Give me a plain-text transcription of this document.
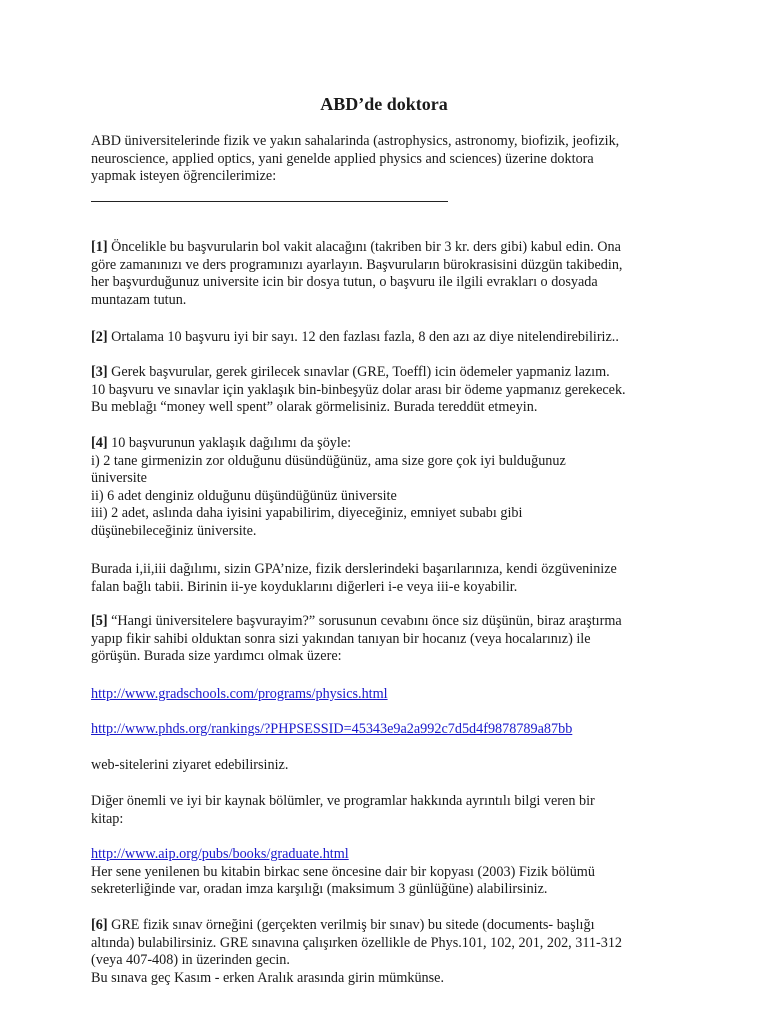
ABD’de doktora
ABD üniversitelerinde fizik ve yakın sahalarinda (astrophysics, astronomy, biofizik, jeofizik,
neuroscience, applied optics, yani genelde applied physics and sciences) üzerine doktora
yapmak isteyen öğrencilerimize:
[1] Öncelikle bu başvurularin bol vakit alacağını (takriben bir 3 kr. ders gibi) kabul edin. Ona
göre zamanınızı ve ders programınızı ayarlayın. Başvuruların bürokrasisini düzgün takibedin,
her başvurduğunuz universite icin bir dosya tutun, o başvuru ile ilgili evrakları o dosyada
muntazam tutun.
[2] Ortalama 10 başvuru iyi bir sayı. 12 den fazlası fazla, 8 den azı az diye nitelendirebiliriz..
[3] Gerek başvurular, gerek girilecek sınavlar (GRE, Toeffl) icin ödemeler yapmaniz lazım.
10 başvuru ve sınavlar için yaklaşık bin-binbeşyüz dolar arası bir ödeme yapmanız gerekecek.
Bu meblağı “money well spent” olarak görmelisiniz. Burada tereddüt etmeyin.
[4] 10 başvurunun yaklaşık dağılımı da şöyle:
i) 2 tane girmenizin zor olduğunu düsündüğünüz, ama size gore çok iyi bulduğunuz
üniversite
ii) 6 adet denginiz olduğunu düşündüğünüz üniversite
iii) 2 adet, aslında daha iyisini yapabilirim, diyeceğiniz, emniyet subabı gibi
düşünebileceğiniz üniversite.
Burada i,ii,iii dağılımı, sizin GPA’nize, fizik derslerindeki başarılarınıza, kendi özgüveninize
falan bağlı tabii. Birinin ii-ye koyduklarını diğerleri i-e veya iii-e koyabilir.
[5] “Hangi üniversitelere başvurayim?” sorusunun cevabını önce siz düşünün, biraz araştırma
yapıp fikir sahibi olduktan sonra sizi yakından tanıyan bir hocanız (veya hocalarınız) ile
görüşün. Burada size yardımcı olmak üzere:
http://www.gradschools.com/programs/physics.html
http://www.phds.org/rankings/?PHPSESSID=45343e9a2a992c7d5d4f9878789a87bb
web-sitelerini ziyaret edebilirsiniz.
Diğer önemli ve iyi bir kaynak bölümler, ve programlar hakkında ayrıntılı bilgi veren bir
kitap:
http://www.aip.org/pubs/books/graduate.html
Her sene yenilenen bu kitabin birkac sene öncesine dair bir kopyası (2003) Fizik bölümü
sekreterliğinde var, oradan imza karşılığı (maksimum 3 günlüğüne) alabilirsiniz.
[6] GRE fizik sınav örneğini (gerçekten verilmiş bir sınav) bu sitede (documents- başlığı
altında) bulabilirsiniz. GRE sınavına çalışırken özellikle de Phys.101, 102, 201, 202, 311-312
(veya 407-408) in üzerinden gecin.
Bu sınava geç Kasım - erken Aralık arasında girin mümkünse.
